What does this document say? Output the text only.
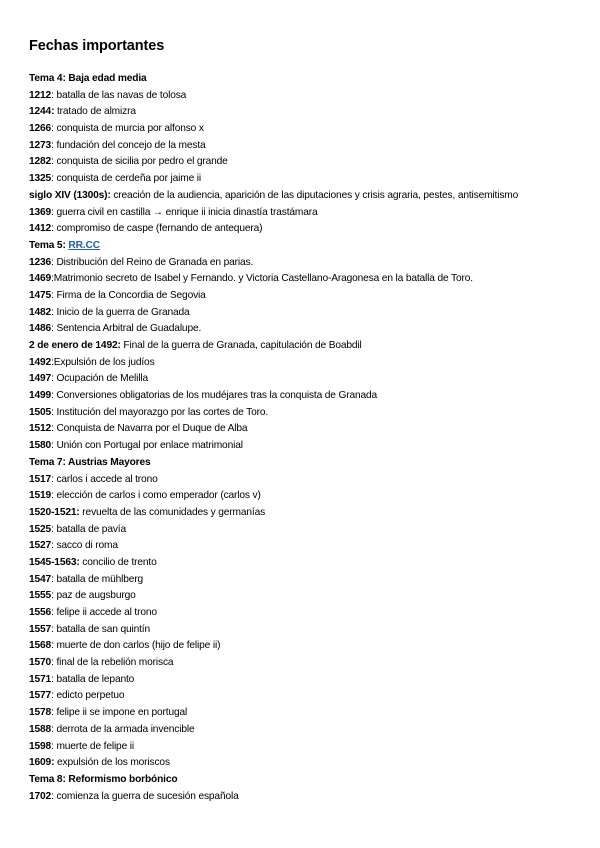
Fechas importantes
Tema 4: Baja edad media
1212: batalla de las navas de tolosa
1244: tratado de almizra
1266: conquista de murcia por alfonso x
1273: fundación del concejo de la mesta
1282: conquista de sicilia por pedro el grande
1325: conquista de cerdeña por jaime ii
siglo XIV (1300s): creación de la audiencia, aparición de las diputaciones y crisis agraria, pestes, antisemitismo
1369: guerra civil en castilla → enrique ii inicia dinastía trastámara
1412: compromiso de caspe (fernando de antequera)
Tema 5: RR.CC
1236: Distribución del Reino de Granada en parias.
1469:Matrimonio secreto de Isabel y Fernando. y Victoria Castellano-Aragonesa en la batalla de Toro.
1475: Firma de la Concordia de Segovia
1482: Inicio de la guerra de Granada
1486: Sentencia Arbitral de Guadalupe.
2 de enero de 1492: Final de la guerra de Granada, capitulación de Boabdil
1492:Expulsión de los judíos
1497: Ocupación de Melilla
1499: Conversiones obligatorias de los mudéjares tras la conquista de Granada
1505: Institución del mayorazgo por las cortes de Toro.
1512: Conquista de Navarra por el Duque de Alba
1580: Unión con Portugal por enlace matrimonial
Tema 7: Austrias Mayores
1517: carlos i accede al trono
1519: elección de carlos i como emperador (carlos v)
1520-1521: revuelta de las comunidades y germanías
1525: batalla de pavía
1527: sacco di roma
1545-1563: concilio de trento
1547: batalla de mühlberg
1555: paz de augsburgo
1556: felipe ii accede al trono
1557: batalla de san quintín
1568: muerte de don carlos (hijo de felipe ii)
1570: final de la rebelión morisca
1571: batalla de lepanto
1577: edicto perpetuo
1578: felipe ii se impone en portugal
1588: derrota de la armada invencible
1598: muerte de felipe ii
1609: expulsión de los moriscos
Tema 8: Reformismo borbónico
1702: comienza la guerra de sucesión española
